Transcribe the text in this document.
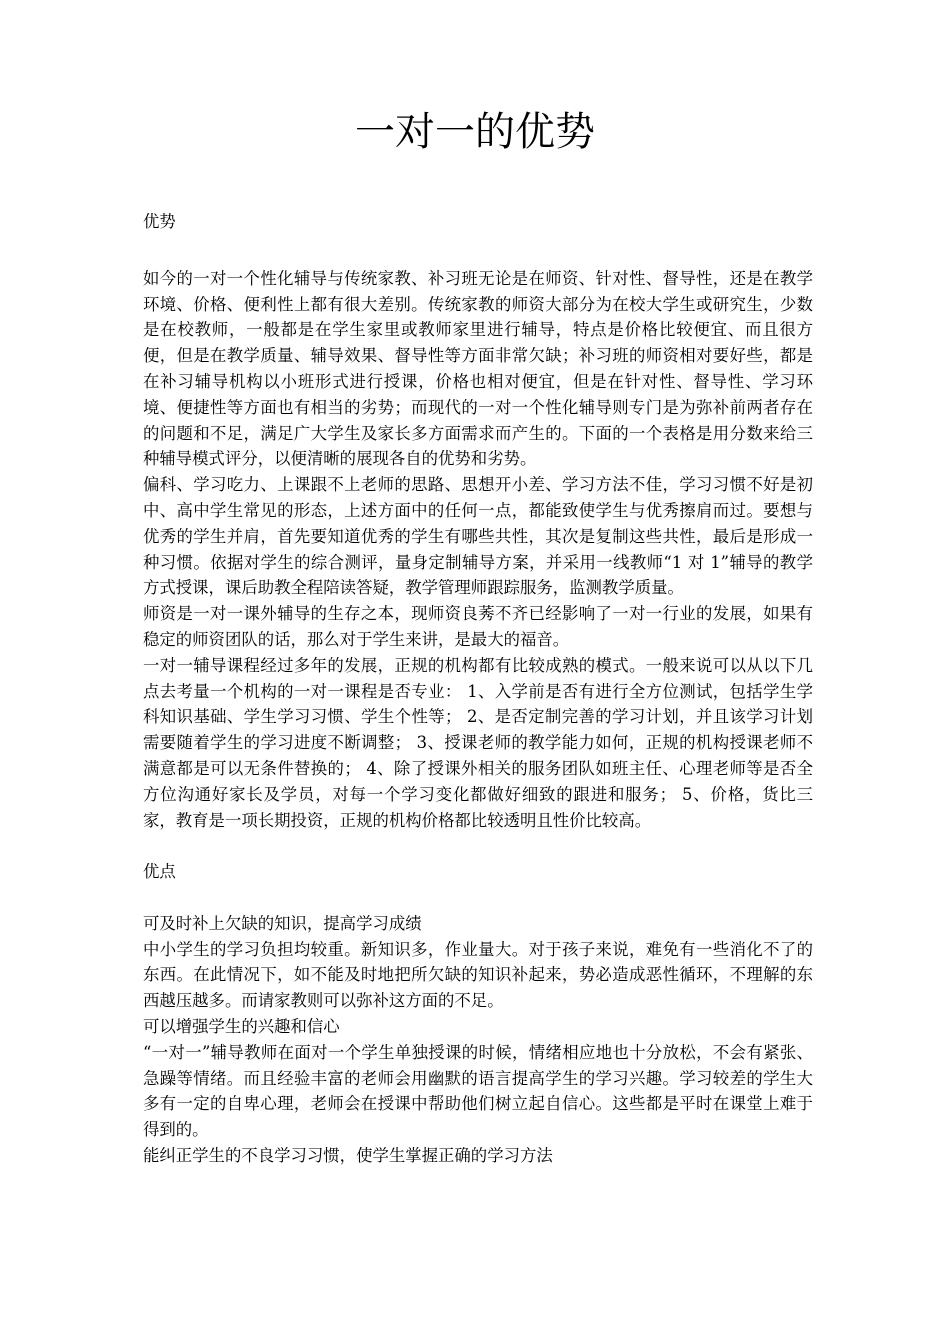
一对一的优势

优势

如今的一对一个性化辅导与传统家教、补习班无论是在师资、针对性、督导性，还是在教学环境、价格、便利性上都有很大差别。传统家教的师资大部分为在校大学生或研究生，少数是在校教师，一般都是在学生家里或教师家里进行辅导，特点是价格比较便宜、而且很方便，但是在教学质量、辅导效果、督导性等方面非常欠缺；补习班的师资相对要好些，都是在补习辅导机构以小班形式进行授课，价格也相对便宜，但是在针对性、督导性、学习环境、便捷性等方面也有相当的劣势；而现代的一对一个性化辅导则专门是为弥补前两者存在的问题和不足，满足广大学生及家长多方面需求而产生的。下面的一个表格是用分数来给三种辅导模式评分，以便清晰的展现各自的优势和劣势。

偏科、学习吃力、上课跟不上老师的思路、思想开小差、学习方法不佳，学习习惯不好是初中、高中学生常见的形态，上述方面中的任何一点，都能致使学生与优秀擦肩而过。要想与优秀的学生并肩，首先要知道优秀的学生有哪些共性，其次是复制这些共性，最后是形成一种习惯。依据对学生的综合测评，量身定制辅导方案，并采用一线教师“1 对 1”辅导的教学方式授课，课后助教全程陪读答疑，教学管理师跟踪服务，监测教学质量。

师资是一对一课外辅导的生存之本，现师资良莠不齐已经影响了一对一行业的发展，如果有稳定的师资团队的话，那么对于学生来讲，是最大的福音。

一对一辅导课程经过多年的发展，正规的机构都有比较成熟的模式。一般来说可以从以下几点去考量一个机构的一对一课程是否专业： 1、入学前是否有进行全方位测试，包括学生学科知识基础、学生学习习惯、学生个性等； 2、是否定制完善的学习计划，并且该学习计划需要随着学生的学习进度不断调整； 3、授课老师的教学能力如何，正规的机构授课老师不满意都是可以无条件替换的； 4、除了授课外相关的服务团队如班主任、心理老师等是否全方位沟通好家长及学员，对每一个学习变化都做好细致的跟进和服务； 5、价格，货比三家，教育是一项长期投资，正规的机构价格都比较透明且性价比较高。

优点

可及时补上欠缺的知识，提高学习成绩

中小学生的学习负担均较重。新知识多，作业量大。对于孩子来说，难免有一些消化不了的东西。在此情况下，如不能及时地把所欠缺的知识补起来，势必造成恶性循环，不理解的东西越压越多。而请家教则可以弥补这方面的不足。

可以增强学生的兴趣和信心

“一对一”辅导教师在面对一个学生单独授课的时候，情绪相应地也十分放松，不会有紧张、急躁等情绪。而且经验丰富的老师会用幽默的语言提高学生的学习兴趣。学习较差的学生大多有一定的自卑心理，老师会在授课中帮助他们树立起自信心。这些都是平时在课堂上难于得到的。

能纠正学生的不良学习习惯，使学生掌握正确的学习方法
